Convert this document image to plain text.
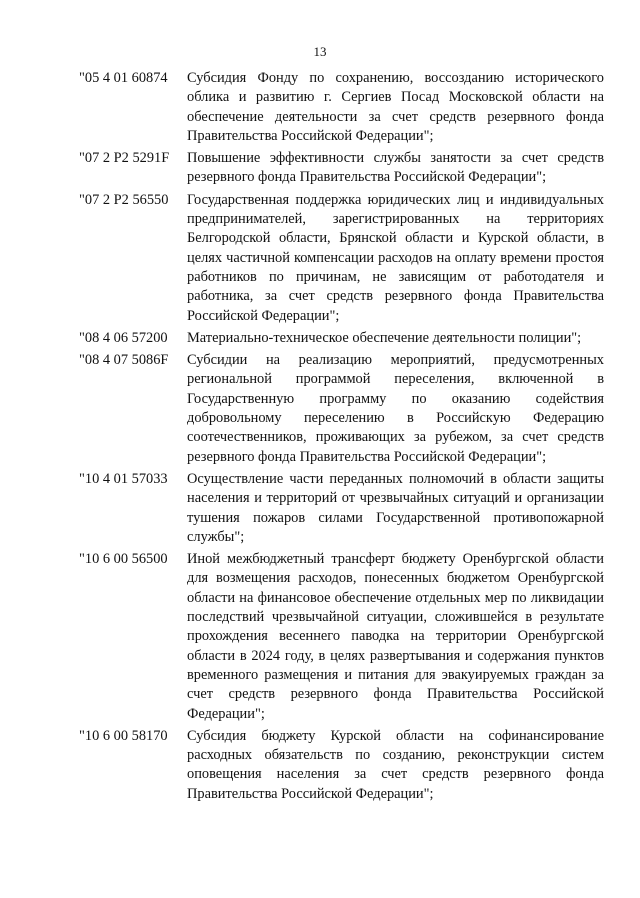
13
"05 4 01 60874	Субсидия Фонду по сохранению, воссозданию исторического облика и развитию г. Сергиев Посад Московской области на обеспечение деятельности за счет средств резервного фонда Правительства Российской Федерации";
"07 2 P2 5291F	Повышение эффективности службы занятости за счет средств резервного фонда Правительства Российской Федерации";
"07 2 P2 56550	Государственная поддержка юридических лиц и индивидуальных предпринимателей, зарегистрированных на территориях Белгородской области, Брянской области и Курской области, в целях частичной компенсации расходов на оплату времени простоя работников по причинам, не зависящим от работодателя и работника, за счет средств резервного фонда Правительства Российской Федерации";
"08 4 06 57200	Материально-техническое обеспечение деятельности полиции";
"08 4 07 5086F	Субсидии на реализацию мероприятий, предусмотренных региональной программой переселения, включенной в Государственную программу по оказанию содействия добровольному переселению в Российскую Федерацию соотечественников, проживающих за рубежом, за счет средств резервного фонда Правительства Российской Федерации";
"10 4 01 57033	Осуществление части переданных полномочий в области защиты населения и территорий от чрезвычайных ситуаций и организации тушения пожаров силами Государственной противопожарной службы";
"10 6 00 56500	Иной межбюджетный трансферт бюджету Оренбургской области для возмещения расходов, понесенных бюджетом Оренбургской области на финансовое обеспечение отдельных мер по ликвидации последствий чрезвычайной ситуации, сложившейся в результате прохождения весеннего паводка на территории Оренбургской области в 2024 году, в целях развертывания и содержания пунктов временного размещения и питания для эвакуируемых граждан за счет средств резервного фонда Правительства Российской Федерации";
"10 6 00 58170	Субсидия бюджету Курской области на софинансирование расходных обязательств по созданию, реконструкции систем оповещения населения за счет средств резервного фонда Правительства Российской Федерации";
